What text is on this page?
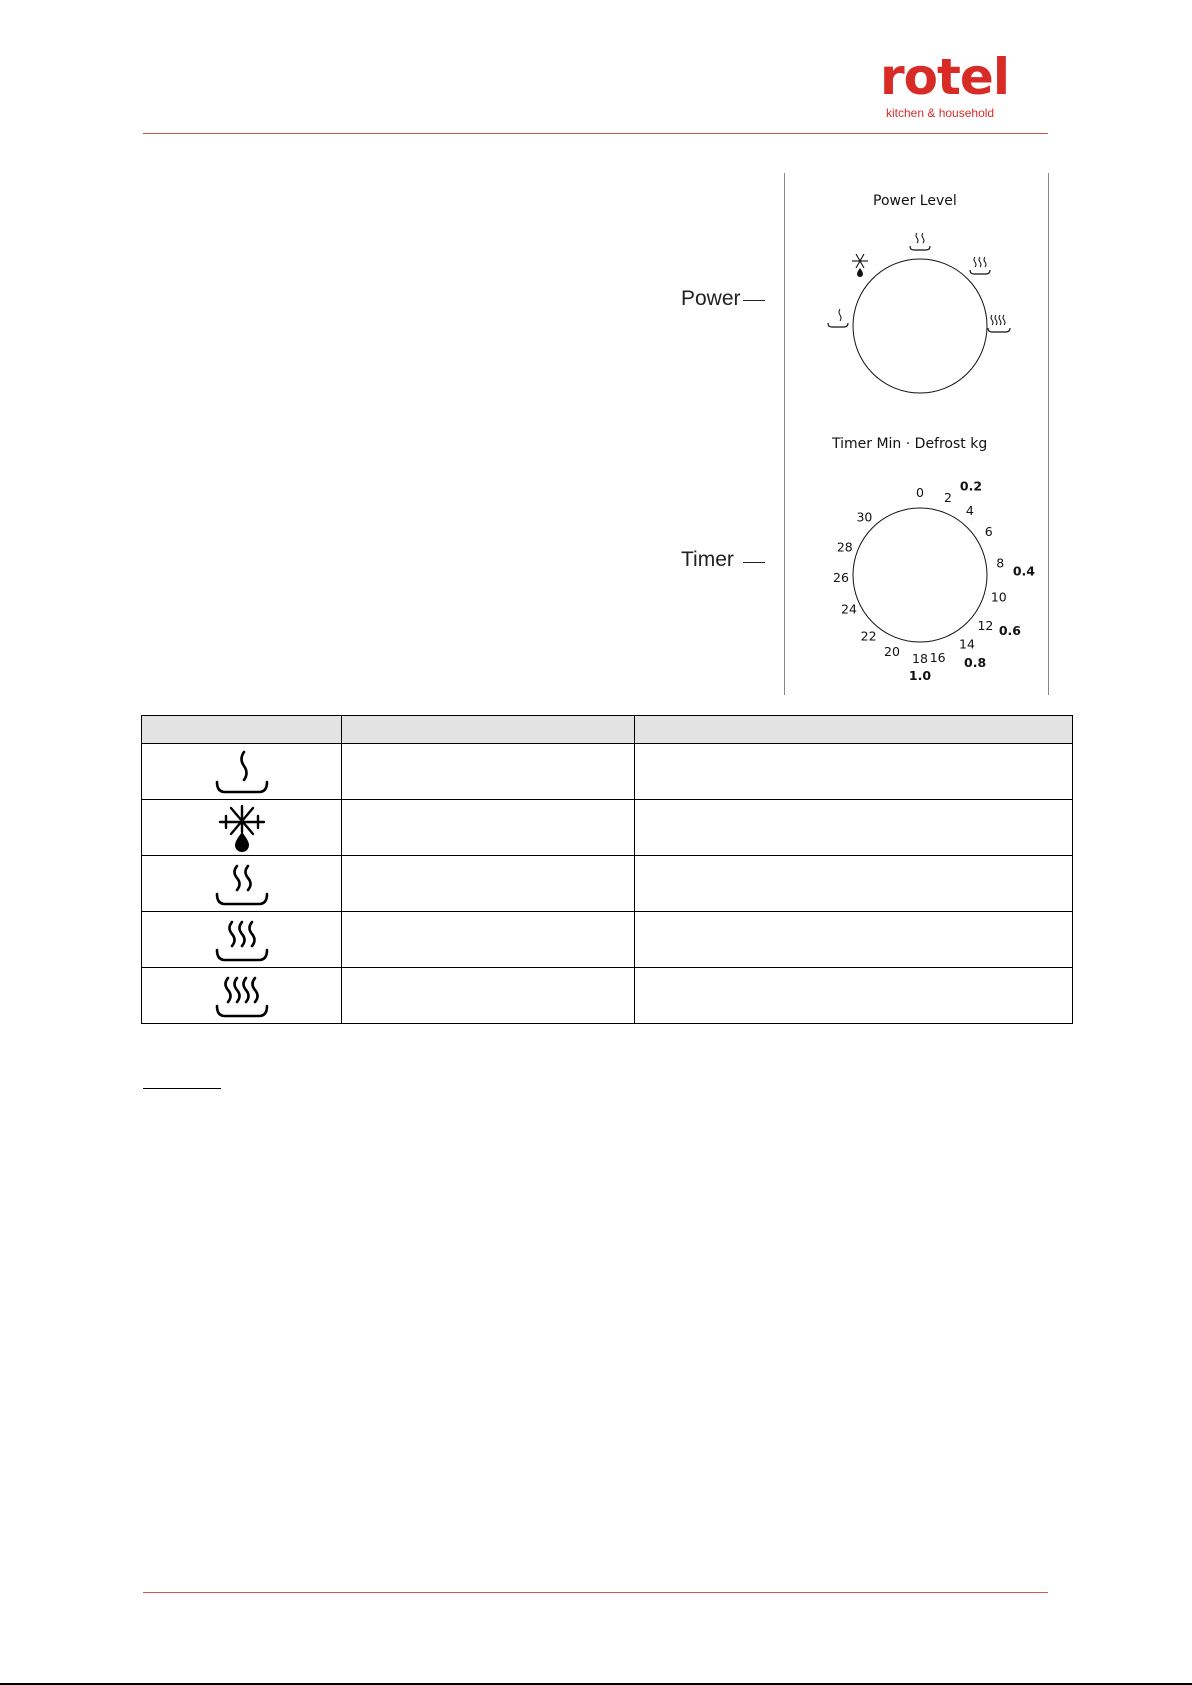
rotel
kitchen & household
Power
Timer
Power Level
Timer Min · Defrost kg
0 2
4
6
8
10
12
14
16
18
20
22
24
26
28
30
0.2
0.4
0.6
0.8
1.0
